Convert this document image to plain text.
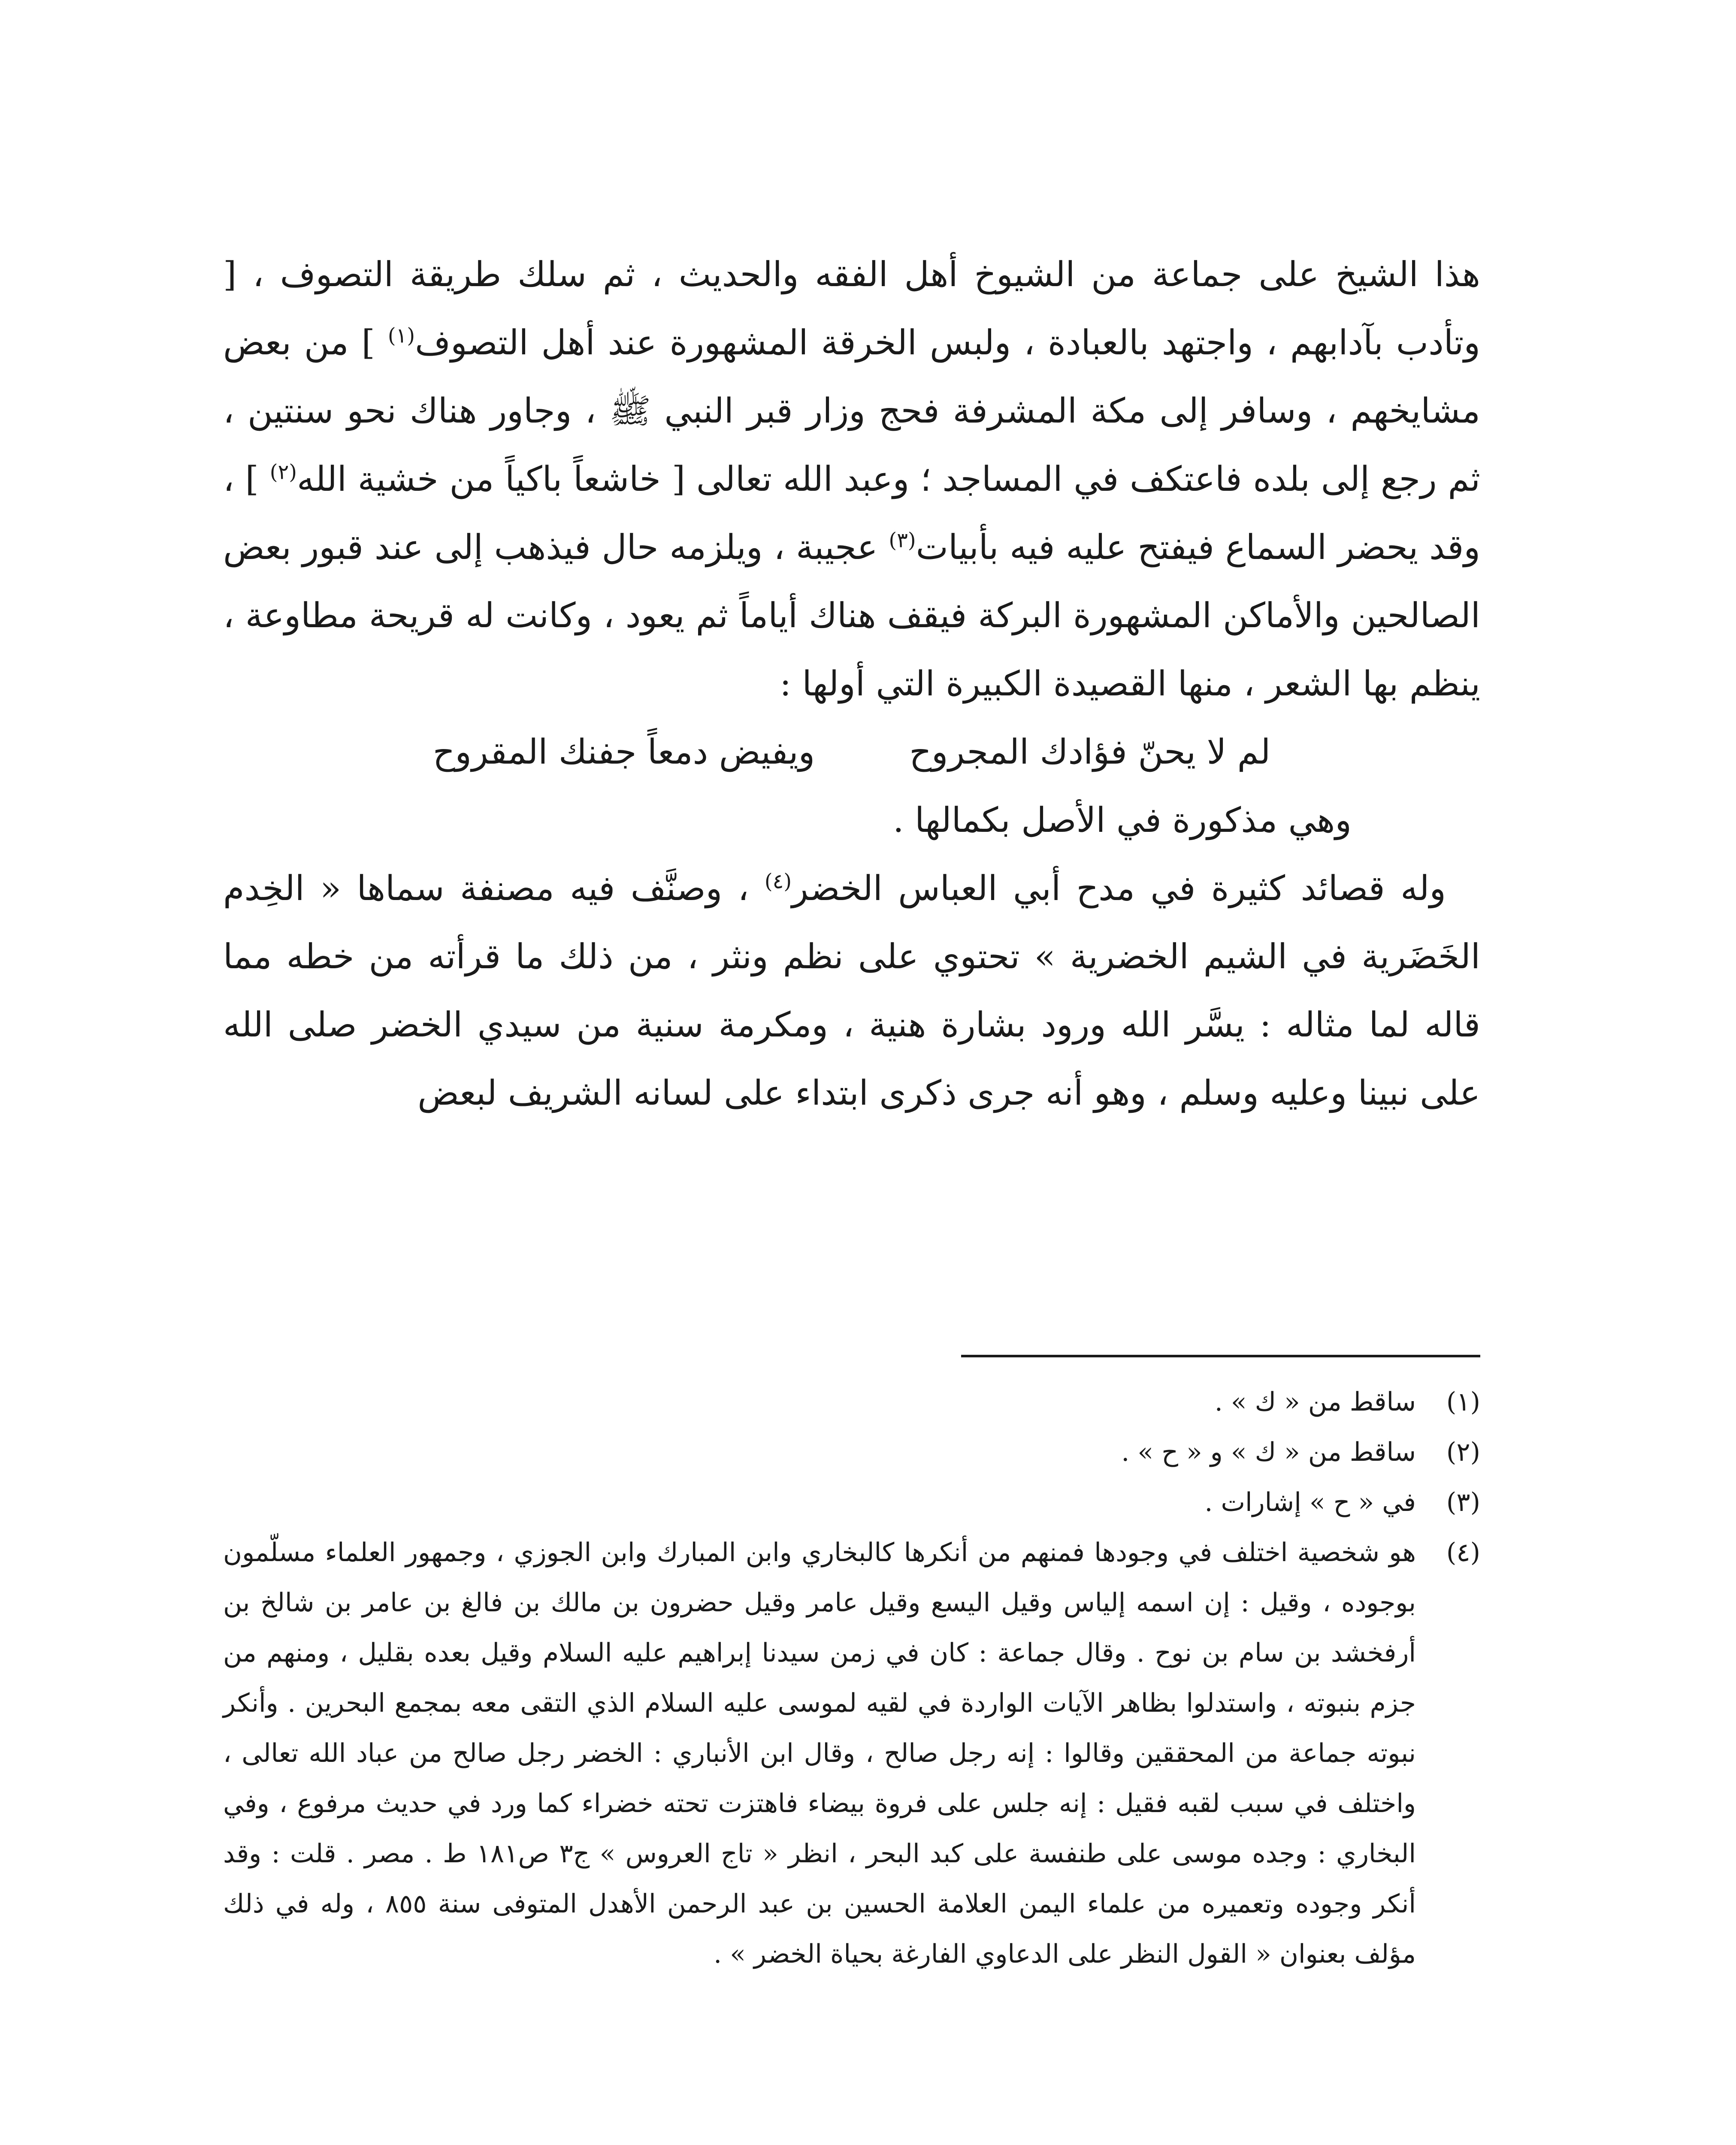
هذا الشيخ على جماعة من الشيوخ أهل الفقه والحديث ، ثم سلك طريقة التصوف ، [ وتأدب بآدابهم ، واجتهد بالعبادة ، ولبس الخرقة المشهورة عند أهل التصوف$^{(١)}$ ] من بعض مشايخهم ، وسافر إلى مكة المشرفة فحج وزار قبر النبي ﷺ ، وجاور هناك نحو سنتين ، ثم رجع إلى بلده فاعتكف في المساجد ؛ وعبد الله تعالى [ خاشعاً باكياً من خشية الله$^{(٢)}$ ] ، وقد يحضر السماع فيفتح عليه فيه بأبيات$^{(٣)}$ عجيبة ، ويلزمه حال فيذهب إلى عند قبور بعض الصالحين والأماكن المشهورة البركة فيقف هناك أياماً ثم يعود ، وكانت له قريحة مطاوعة ، ينظم بها الشعر ، منها القصيدة الكبيرة التي أولها :

لم لا يحنّ فؤادك المجروح
ويفيض دمعاً جفنك المقروح

وهي مذكورة في الأصل بكمالها .

وله قصائد كثيرة في مدح أبي العباس الخضر$^{(٤)}$ ، وصنَّف فيه مصنفة سماها « الخِدم الخَضَرية في الشيم الخضرية » تحتوي على نظم ونثر ، من ذلك ما قرأته من خطه مما قاله لما مثاله : يسَّر الله ورود بشارة هنية ، ومكرمة سنية من سيدي الخضر صلى الله على نبينا وعليه وسلم ، وهو أنه جرى ذكرى ابتداء على لسانه الشريف لبعض

(١)
ساقط من « ك » .
(٢)
ساقط من « ك » و « ح » .
(٣)
في « ح » إشارات .
(٤)
هو شخصية اختلف في وجودها فمنهم من أنكرها كالبخاري وابن المبارك وابن الجوزي ، وجمهور العلماء مسلّمون بوجوده ، وقيل : إن اسمه إلياس وقيل اليسع وقيل عامر وقيل حضرون بن مالك بن فالغ بن عامر بن شالخ بن أرفخشد بن سام بن نوح . وقال جماعة : كان في زمن سيدنا إبراهيم عليه السلام وقيل بعده بقليل ، ومنهم من جزم بنبوته ، واستدلوا بظاهر الآيات الواردة في لقيه لموسى عليه السلام الذي التقى معه بمجمع البحرين . وأنكر نبوته جماعة من المحققين وقالوا : إنه رجل صالح ، وقال ابن الأنباري : الخضر رجل صالح من عباد الله تعالى ، واختلف في سبب لقبه فقيل : إنه جلس على فروة بيضاء فاهتزت تحته خضراء كما ورد في حديث مرفوع ، وفي البخاري : وجده موسى على طنفسة على كبد البحر ، انظر « تاج العروس » ج٣ ص١٨١ ط . مصر . قلت : وقد أنكر وجوده وتعميره من علماء اليمن العلامة الحسين بن عبد الرحمن الأهدل المتوفى سنة ٨٥٥ ، وله في ذلك مؤلف بعنوان « القول النظر على الدعاوي الفارغة بحياة الخضر » .
